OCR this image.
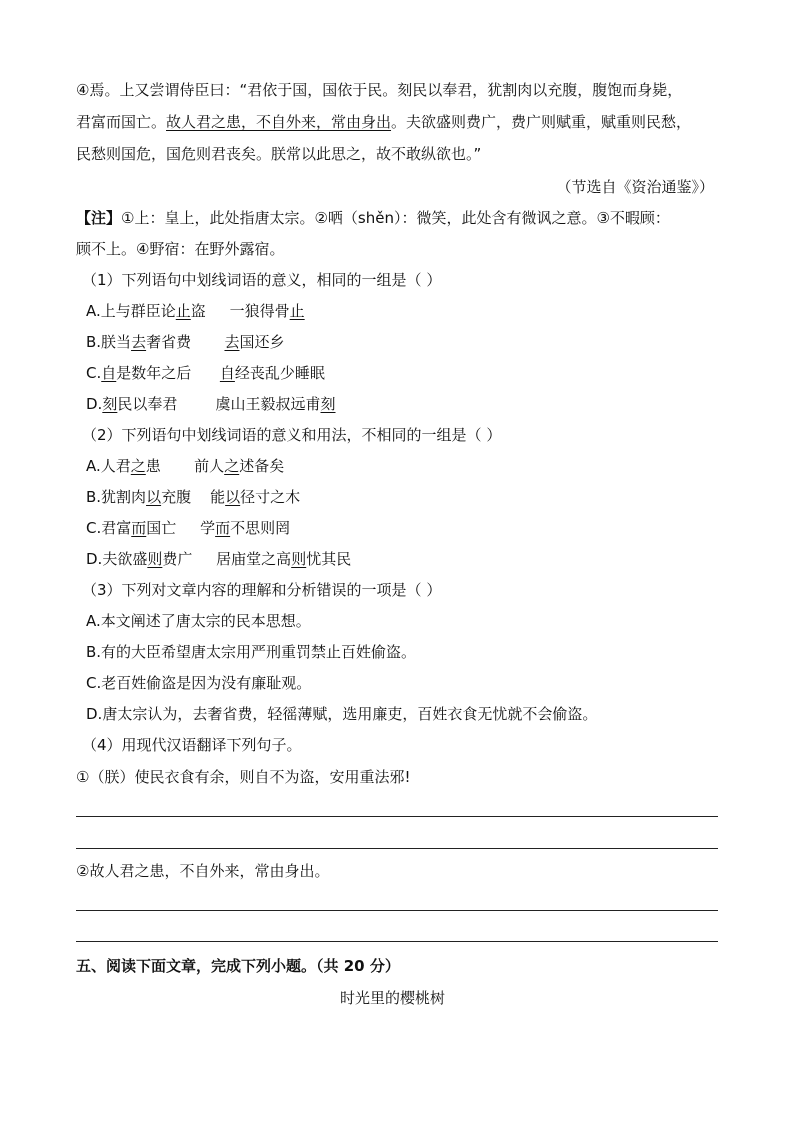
④焉。上又尝谓侍臣曰：“君依于国，国依于民。刻民以奉君，犹割肉以充腹，腹饱而身毙，
君富而国亡。故人君之患，不自外来，常由身出。夫欲盛则费广，费广则赋重，赋重则民愁，
民愁则国危，国危则君丧矣。朕常以此思之，故不敢纵欲也。”
（节选自《资治通鉴》）
【注】①上：皇上，此处指唐太宗。②哂（shěn）：微笑，此处含有微讽之意。③不暇顾：
顾不上。④野宿：在野外露宿。
（1）下列语句中划线词语的意义，相同的一组是（ ）
A.上与群臣论止盗     一狼得骨止
B.朕当去奢省费       去国还乡
C.自是数年之后      自经丧乱少睡眠
D.刻民以奉君        虞山王毅叔远甫刻
（2）下列语句中划线词语的意义和用法，不相同的一组是（ ）
A.人君之患       前人之述备矣
B.犹割肉以充腹    能以径寸之木
C.君富而国亡     学而不思则罔
D.夫欲盛则费广     居庙堂之高则忧其民
（3）下列对文章内容的理解和分析错误的一项是（ ）
A.本文阐述了唐太宗的民本思想。
B.有的大臣希望唐太宗用严刑重罚禁止百姓偷盗。
C.老百姓偷盗是因为没有廉耻观。
D.唐太宗认为，去奢省费，轻徭薄赋，选用廉吏，百姓衣食无忧就不会偷盗。
（4）用现代汉语翻译下列句子。
①（朕）使民衣食有余，则自不为盗，安用重法邪!
②故人君之患，不自外来，常由身出。
五、阅读下面文章，完成下列小题。（共 20 分）
时光里的樱桃树
